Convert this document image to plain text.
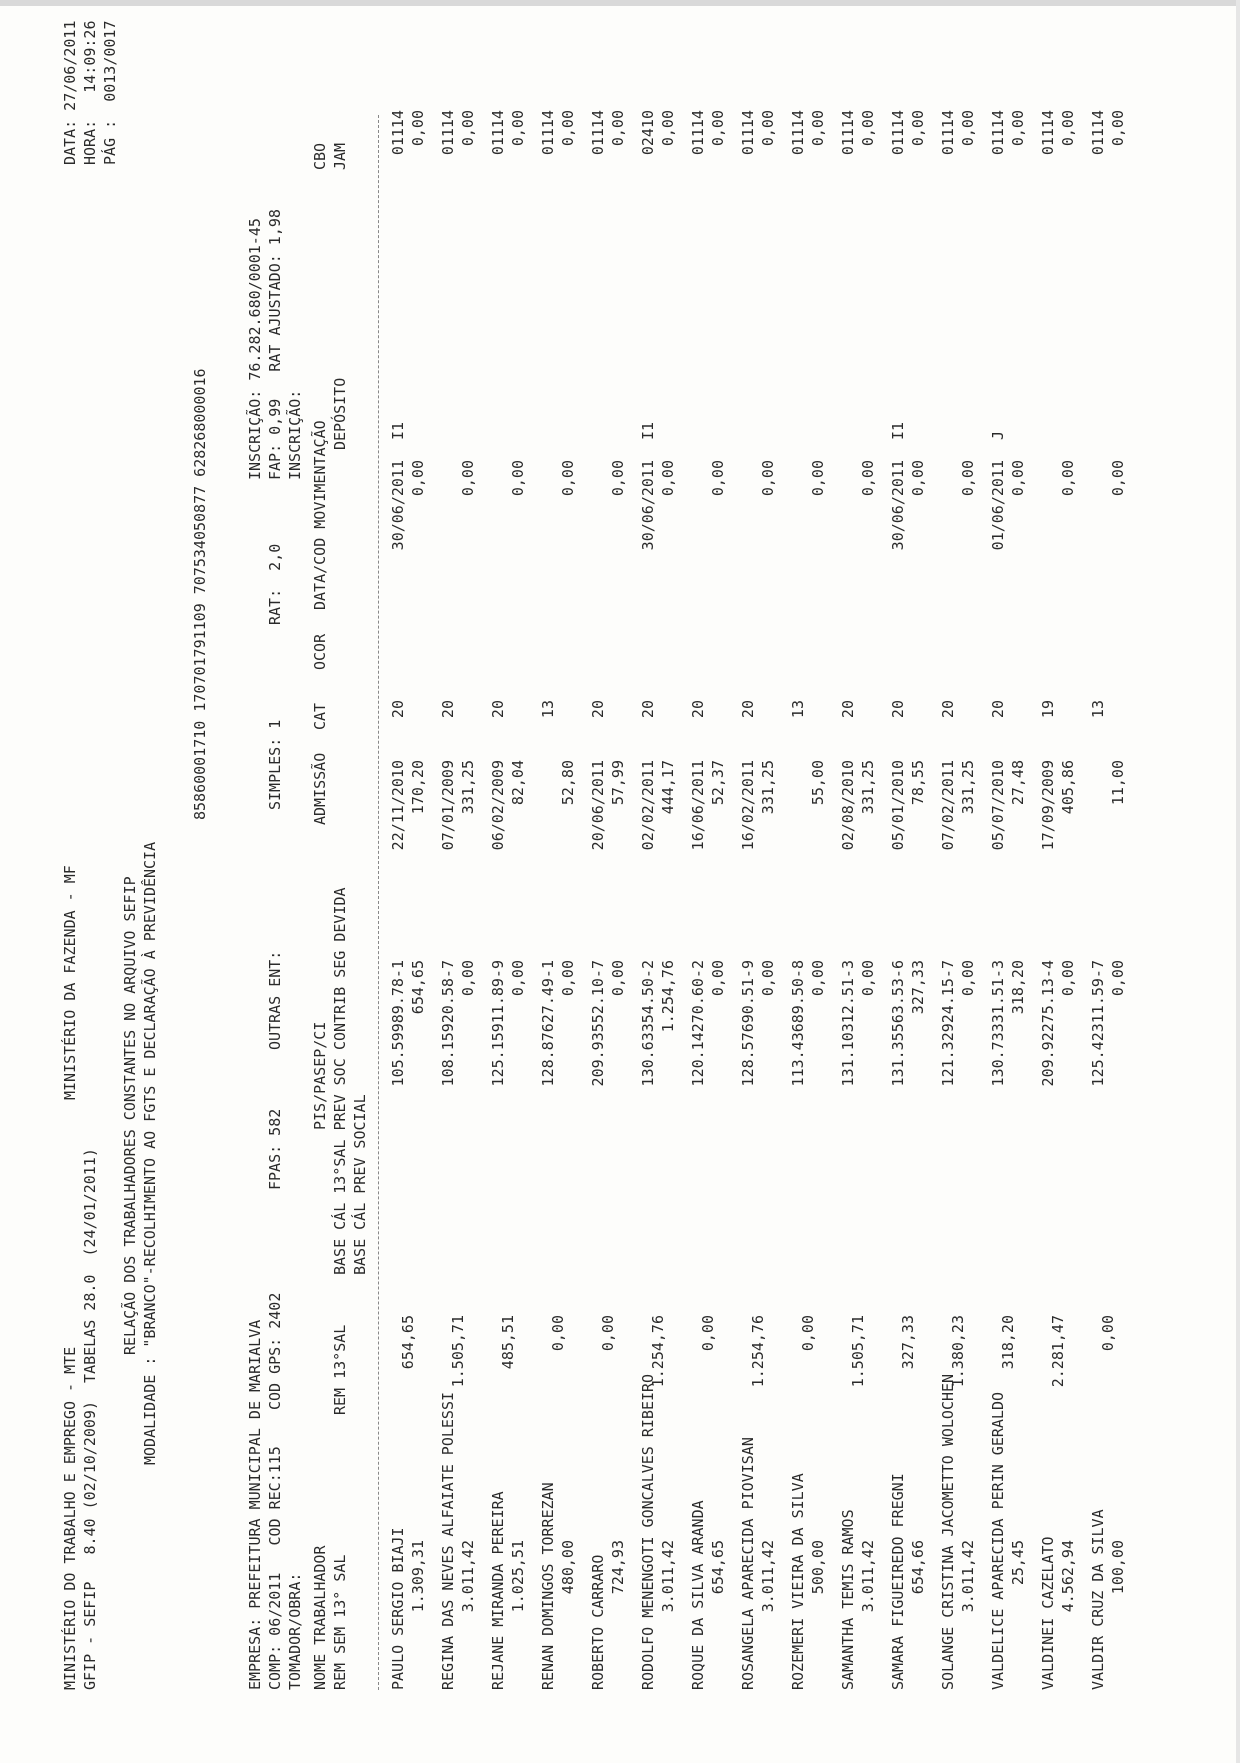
MINISTÉRIO DO TRABALHO E EMPREGO - MTE GFIP - SEFIP   8.40 (02/10/2009)  TABELAS 28.0  (24/01/2011)
MINISTÉRIO DA FAZENDA - MF
DATA: 27/06/2011 HORA:   14:09:26 PÁG :  0013/0017
RELAÇÃO DOS TRABALHADORES CONSTANTES NO ARQUIVO SEFIP MODALIDADE : "BRANCO"-RECOLHIMENTO AO FGTS E DECLARAÇÃO À PREVIDÊNCIA
85860001710 17070179110​9 70753405087​7 62826800001​6
EMPRESA: PREFEITURA MUNICIPAL DE MARIALVA COMP: 06/2011   COD REC:115    COD GPS: 2402 TOMADOR/OBRA:
FPAS: 582
OUTRAS ENT:
SIMPLES: 1
RAT:  2,0
INSCRIÇÃO: 76.282.680/0001-45 FAP: 0,99   RAT AJUSTADO: 1,98 INSCRIÇÃO:
NOME TRABALHADOR REM SEM 13° SAL
REM 13°SAL
PIS/PASEP/CI BASE CÁL 13°SAL PREV SOC BASE CÁL PREV SOCIAL
CONTRIB SEG DEVIDA
ADMISSÃO
CAT
OCOR
DATA/COD MOVIMENTAÇÃO
DEPÓSITO
CBO JAM
PAULO SERGIO BIAJI 1.309,31
654,65
105.59989.78-1 654,65
22/11/2010 170,20
20
30/06/2011
I1
0,00
01114 0,00
REGINA DAS NEVES ALFAIATE POLESSI 3.011,42
1.505,71
108.15920.58-7 0,00
07/01/2009 331,25
20
0,00
01114 0,00
REJANE MIRANDA PEREIRA 1.025,51
485,51
125.15911.89-9 0,00
06/02/2009 82,04
20
0,00
01114 0,00
RENAN DOMINGOS TORREZAN 480,00
0,00
128.87627.49-1 0,00
52,80
13
0,00
01114 0,00
ROBERTO CARRARO 724,93
0,00
209.93552.10-7 0,00
20/06/2011 57,99
20
0,00
01114 0,00
RODOLFO MENENGOTI GONCALVES RIBEIRO 3.011,42
1.254,76
130.63354.50-2 1.254,76
02/02/2011 444,17
20
30/06/2011
I1
0,00
02410 0,00
ROQUE DA SILVA ARANDA 654,65
0,00
120.14270.60-2 0,00
16/06/2011 52,37
20
0,00
01114 0,00
ROSANGELA APARECIDA PIOVISAN 3.011,42
1.254,76
128.57690.51-9 0,00
16/02/2011 331,25
20
0,00
01114 0,00
ROZEMERI VIEIRA DA SILVA 500,00
0,00
113.43689.50-8 0,00
55,00
13
0,00
01114 0,00
SAMANTHA TEMIS RAMOS 3.011,42
1.505,71
131.10312.51-3 0,00
02/08/2010 331,25
20
0,00
01114 0,00
SAMARA FIGUEIREDO FREGNI 654,66
327,33
131.35563.53-6 327,33
05/01/2010 78,55
20
30/06/2011
I1
0,00
01114 0,00
SOLANGE CRISTINA JACOMETTO WOLOCHEN 3.011,42
1.380,23
121.32924.15-7 0,00
07/02/2011 331,25
20
0,00
01114 0,00
VALDELICE APARECIDA PERIN GERALDO 25,45
318,20
130.73331.51-3 318,20
05/07/2010 27,48
20
01/06/2011
J
0,00
01114 0,00
VALDINEI CAZELATO 4.562,94
2.281,47
209.92275.13-4 0,00
17/09/2009 405,86
19
0,00
01114 0,00
VALDIR CRUZ DA SILVA 100,00
0,00
125.42311.59-7 0,00
11,00
13
0,00
01114 0,00
